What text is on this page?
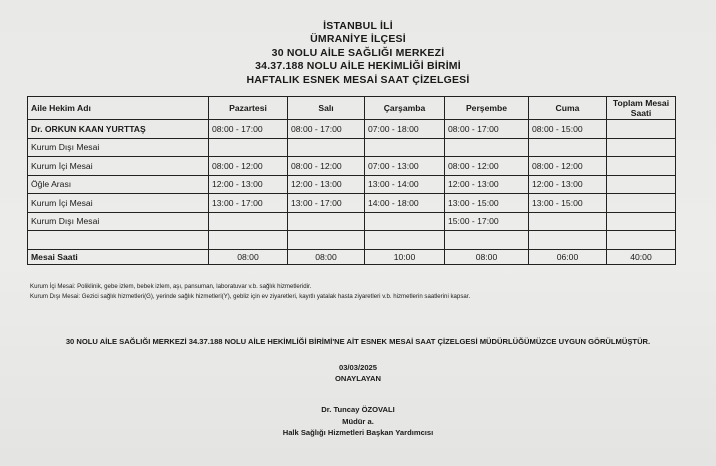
İSTANBUL İLİ
ÜMRANİYE İLÇESİ
30 NOLU AİLE SAĞLIĞI MERKEZİ
34.37.188 NOLU AİLE HEKİMLİĞİ BİRİMİ
HAFTALIK ESNEK MESAİ SAAT ÇİZELGESİ
Aile Hekim Adı	Pazartesi	Salı	Çarşamba	Perşembe	Cuma	Toplam Mesai Saati
Dr. ORKUN KAAN YURTTAŞ	08:00 - 17:00	08:00 - 17:00	07:00 - 18:00	08:00 - 17:00	08:00 - 15:00	
Kurum Dışı Mesai						
Kurum İçi Mesai	08:00 - 12:00	08:00 - 12:00	07:00 - 13:00	08:00 - 12:00	08:00 - 12:00	
Öğle Arası	12:00 - 13:00	12:00 - 13:00	13:00 - 14:00	12:00 - 13:00	12:00 - 13:00	
Kurum İçi Mesai	13:00 - 17:00	13:00 - 17:00	14:00 - 18:00	13:00 - 15:00	13:00 - 15:00	
Kurum Dışı Mesai				15:00 - 17:00		

Mesai Saati	08:00	08:00	10:00	08:00	06:00	40:00
Kurum İçi Mesai: Poliklinik, gebe izlem, bebek izlem, aşı, pansuman, laboratuvar v.b. sağlık hizmetleridir.
Kurum Dışı Mesai: Gezici sağlık hizmetleri(G), yerinde sağlık hizmetleri(Y), gebliz için ev ziyaretleri, kayıtlı yatalak hasta ziyaretleri v.b. hizmetlerin saatlerini kapsar.
30 NOLU AİLE SAĞLIĞI MERKEZİ 34.37.188 NOLU AİLE HEKİMLİĞİ BİRİMİ'NE AİT ESNEK MESAİ SAAT ÇİZELGESİ MÜDÜRLÜĞÜMÜZCE UYGUN GÖRÜLMÜŞTÜR.
03/03/2025
ONAYLAYAN
Dr. Tuncay ÖZOVALI
Müdür a.
Halk Sağlığı Hizmetleri Başkan Yardımcısı
